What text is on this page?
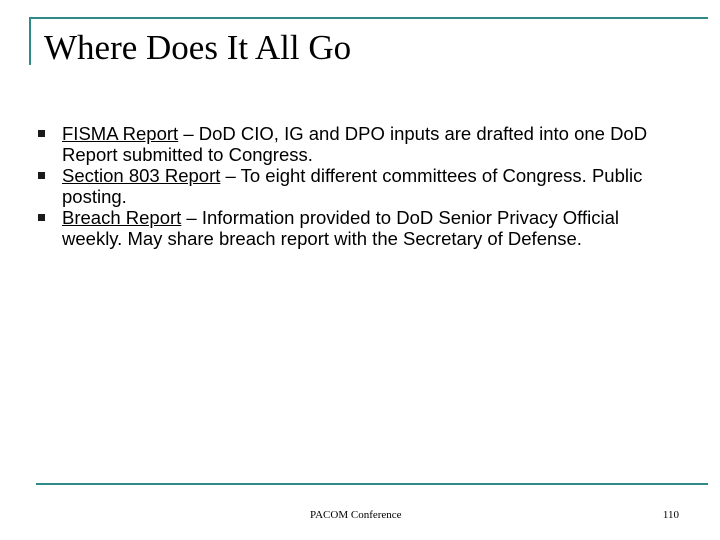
Where Does It All Go
FISMA Report – DoD CIO, IG and DPO inputs are drafted into one DoD Report submitted to Congress.
Section 803 Report – To eight different committees of Congress. Public posting.
Breach Report – Information provided to DoD Senior Privacy Official weekly. May share breach report with the Secretary of Defense.
PACOM Conference	110
